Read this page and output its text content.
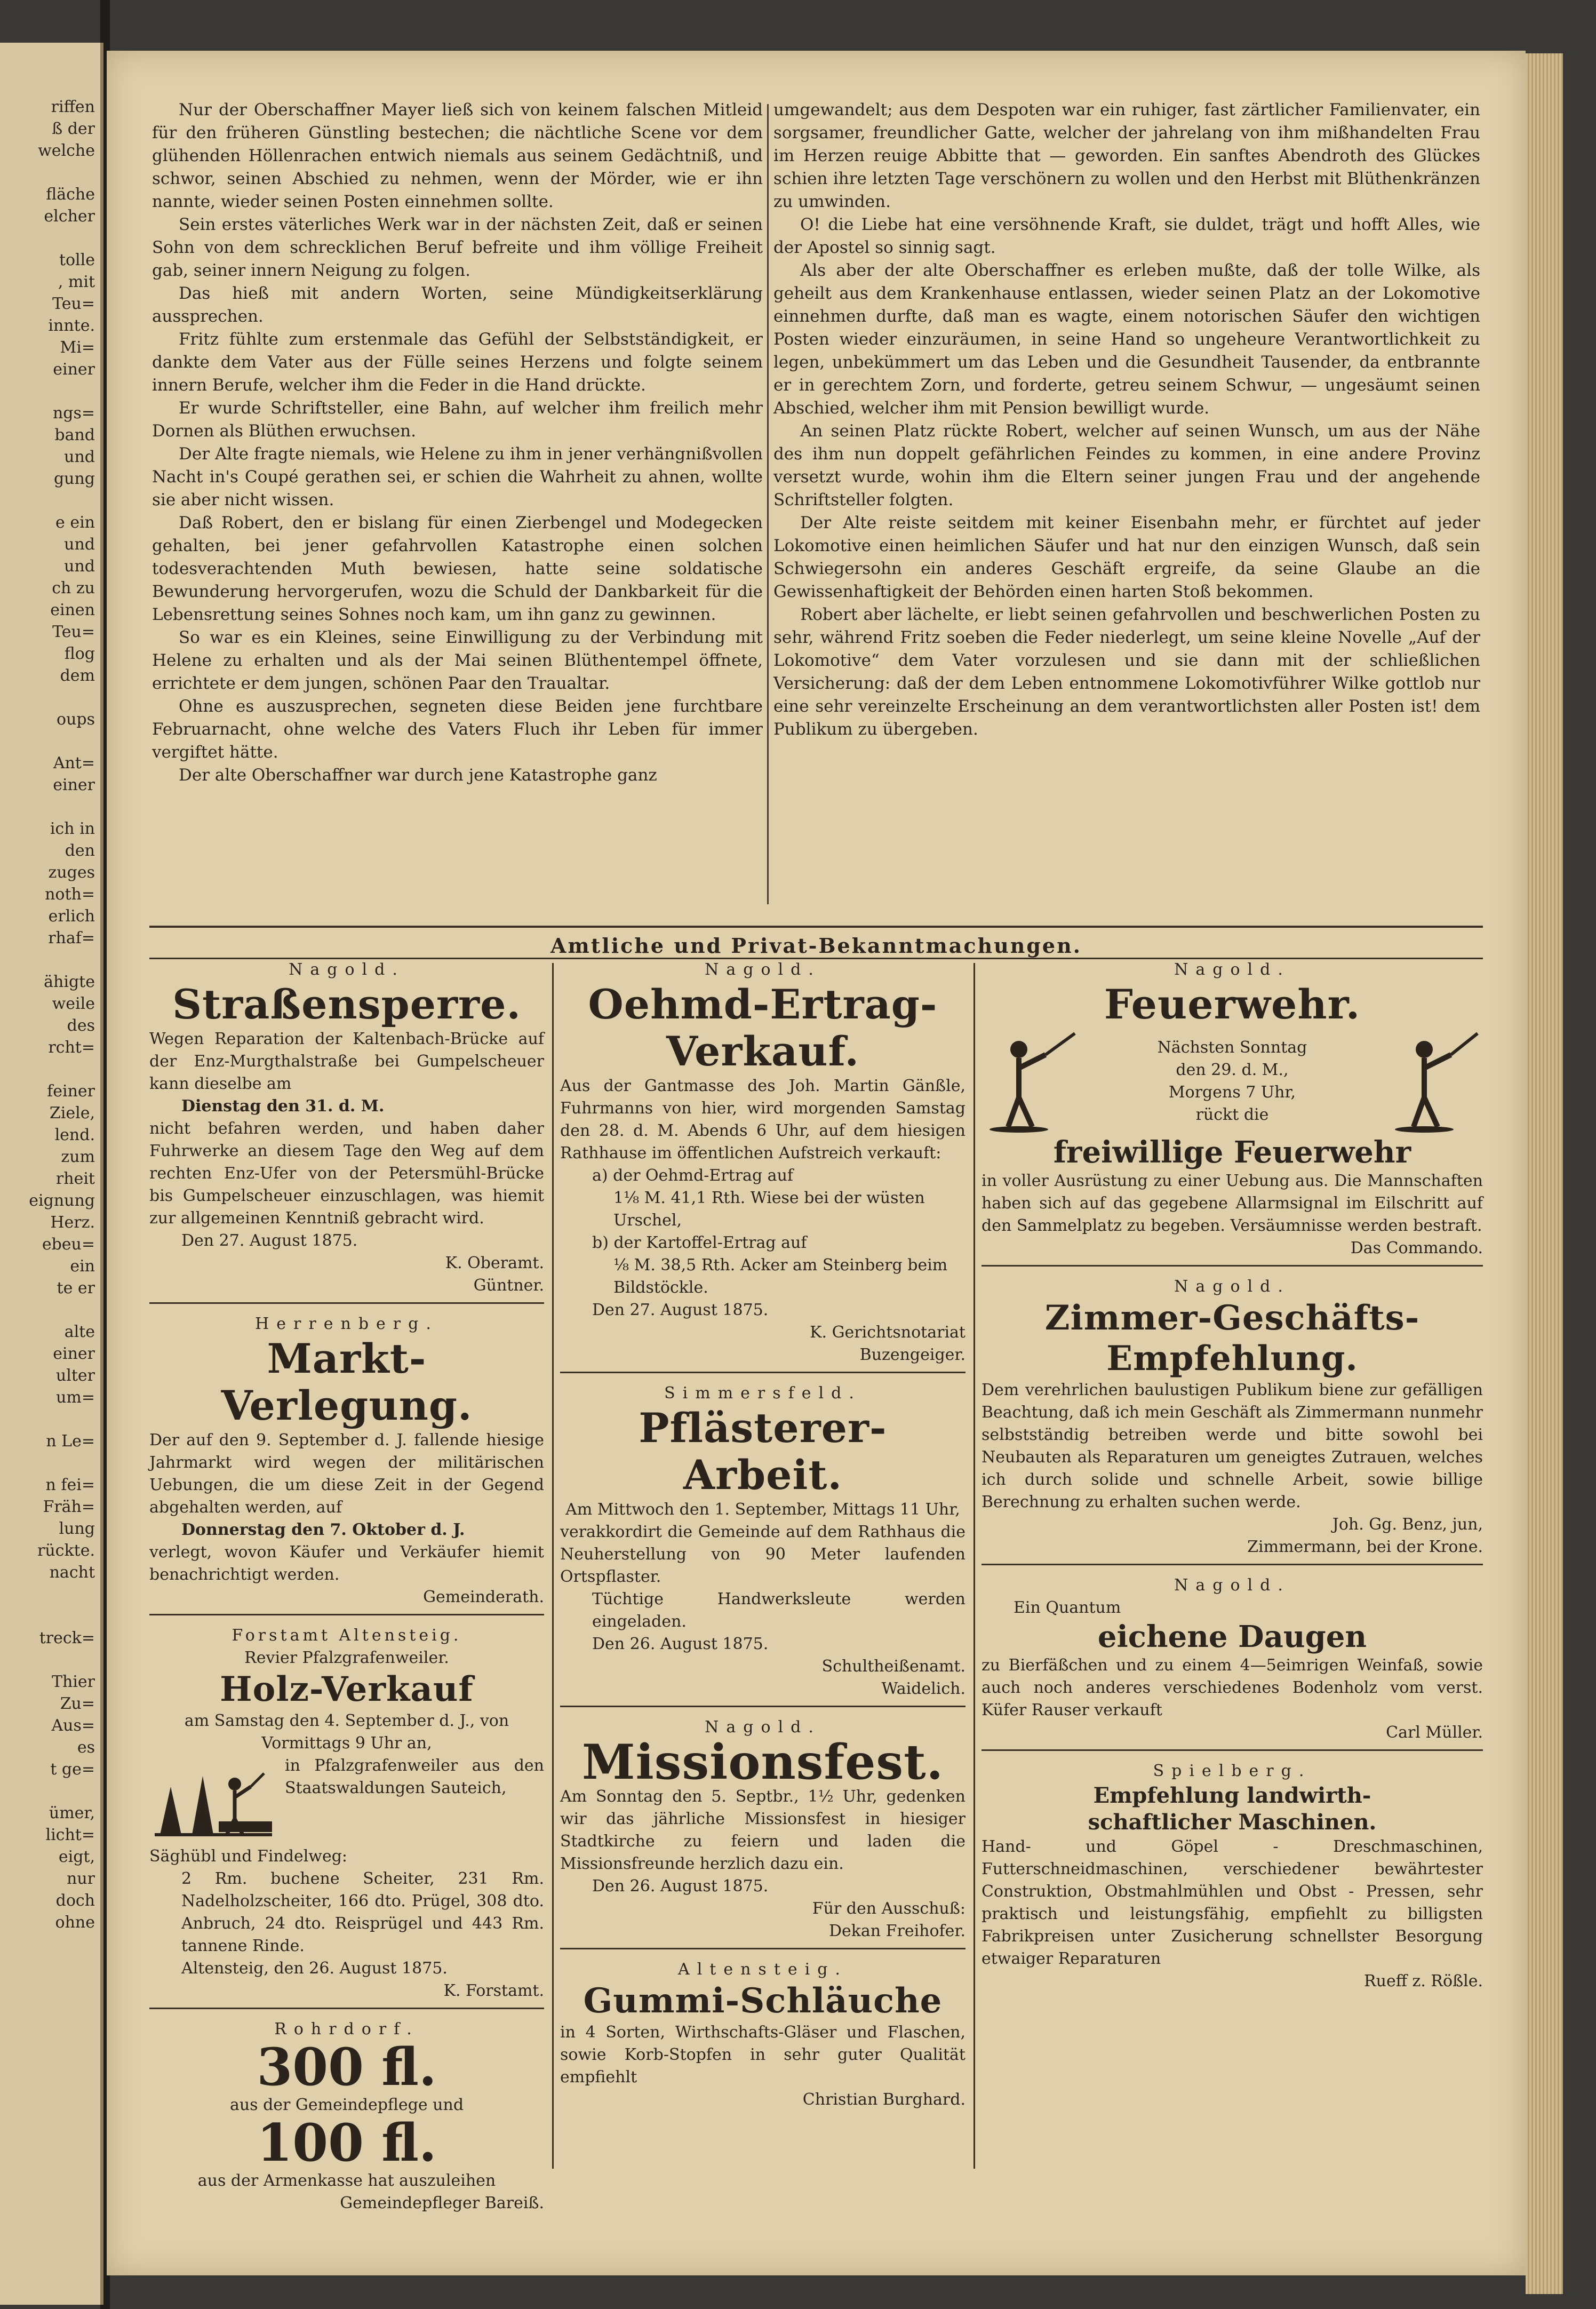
riffen
ß der
welche

fläche
elcher

tolle
, mit
Teu=
innte.
Mi=
einer

ngs=
band
und
gung

e ein
und
und
ch zu
einen
Teu=
flog
dem

oups

Ant=
einer

ich in
den
zuges
noth=
erlich
rhaf=

ähigte
weile
des
rcht=

feiner
Ziele,
lend.
zum
rheit
eignung
Herz.
ebeu=
ein
te er

alte
einer
ulter
um=

n Le=

n fei=
Fräh=
lung
rückte.
nacht

treck=

Thier
Zu=
Aus=
es
t ge=

ümer,
licht=
eigt,
nur
doch
ohne

Nur der Oberschaffner Mayer ließ sich von keinem falschen Mitleid für den früheren Günstling bestechen; die nächtliche Scene vor dem glühenden Höllenrachen entwich niemals aus seinem Gedächtniß, und schwor, seinen Abschied zu nehmen, wenn der Mörder, wie er ihn nannte, wieder seinen Posten einnehmen sollte.

Sein erstes väterliches Werk war in der nächsten Zeit, daß er seinen Sohn von dem schrecklichen Beruf befreite und ihm völlige Freiheit gab, seiner innern Neigung zu folgen.

Das hieß mit andern Worten, seine Mündigkeitserklärung aussprechen.

Fritz fühlte zum erstenmale das Gefühl der Selbstständigkeit, er dankte dem Vater aus der Fülle seines Herzens und folgte seinem innern Berufe, welcher ihm die Feder in die Hand drückte.

Er wurde Schriftsteller, eine Bahn, auf welcher ihm freilich mehr Dornen als Blüthen erwuchsen.

Der Alte fragte niemals, wie Helene zu ihm in jener verhängnißvollen Nacht in's Coupé gerathen sei, er schien die Wahrheit zu ahnen, wollte sie aber nicht wissen.

Daß Robert, den er bislang für einen Zierbengel und Modegecken gehalten, bei jener gefahrvollen Katastrophe einen solchen todesverachtenden Muth bewiesen, hatte seine soldatische Bewunderung hervorgerufen, wozu die Schuld der Dankbarkeit für die Lebensrettung seines Sohnes noch kam, um ihn ganz zu gewinnen.

So war es ein Kleines, seine Einwilligung zu der Verbindung mit Helene zu erhalten und als der Mai seinen Blüthentempel öffnete, errichtete er dem jungen, schönen Paar den Traualtar.

Ohne es auszusprechen, segneten diese Beiden jene furchtbare Februarnacht, ohne welche des Vaters Fluch ihr Leben für immer vergiftet hätte.

Der alte Oberschaffner war durch jene Katastrophe ganz

umgewandelt; aus dem Despoten war ein ruhiger, fast zärtlicher Familienvater, ein sorgsamer, freundlicher Gatte, welcher der jahrelang von ihm mißhandelten Frau im Herzen reuige Abbitte that — geworden. Ein sanftes Abendroth des Glückes schien ihre letzten Tage verschönern zu wollen und den Herbst mit Blüthenkränzen zu umwinden.

O! die Liebe hat eine versöhnende Kraft, sie duldet, trägt und hofft Alles, wie der Apostel so sinnig sagt.

Als aber der alte Oberschaffner es erleben mußte, daß der tolle Wilke, als geheilt aus dem Krankenhause entlassen, wieder seinen Platz an der Lokomotive einnehmen durfte, daß man es wagte, einem notorischen Säufer den wichtigen Posten wieder einzuräumen, in seine Hand so ungeheure Verantwortlichkeit zu legen, unbekümmert um das Leben und die Gesundheit Tausender, da entbrannte er in gerechtem Zorn, und forderte, getreu seinem Schwur, — ungesäumt seinen Abschied, welcher ihm mit Pension bewilligt wurde.

An seinen Platz rückte Robert, welcher auf seinen Wunsch, um aus der Nähe des ihm nun doppelt gefährlichen Feindes zu kommen, in eine andere Provinz versetzt wurde, wohin ihm die Eltern seiner jungen Frau und der angehende Schriftsteller folgten.

Der Alte reiste seitdem mit keiner Eisenbahn mehr, er fürchtet auf jeder Lokomotive einen heimlichen Säufer und hat nur den einzigen Wunsch, daß sein Schwiegersohn ein anderes Geschäft ergreife, da seine Glaube an die Gewissenhaftigkeit der Behörden einen harten Stoß bekommen.

Robert aber lächelte, er liebt seinen gefahrvollen und beschwerlichen Posten zu sehr, während Fritz soeben die Feder niederlegt, um seine kleine Novelle „Auf der Lokomotive“ dem Vater vorzulesen und sie dann mit der schließlichen Versicherung: daß der dem Leben entnommene Lokomotivführer Wilke gottlob nur eine sehr vereinzelte Erscheinung an dem verantwortlichsten aller Posten ist! dem Publikum zu übergeben.

Amtliche und Privat-Bekanntmachungen.
Nagold.
Straßensperre.
Wegen Reparation der Kaltenbach-Brücke auf der Enz-Murgthalstraße bei Gumpelscheuer kann dieselbe am
Dienstag den 31. d. M.
nicht befahren werden, und haben daher Fuhrwerke an diesem Tage den Weg auf dem rechten Enz-Ufer von der Petersmühl-Brücke bis Gumpelscheuer einzuschlagen, was hiemit zur allgemeinen Kenntniß gebracht wird.
Den 27. August 1875.
K. Oberamt.
Güntner.
Herrenberg.
Markt-Verlegung.
Der auf den 9. September d. J. fallende hiesige Jahrmarkt wird wegen der militärischen Uebungen, die um diese Zeit in der Gegend abgehalten werden, auf
Donnerstag den 7. Oktober d. J.
verlegt, wovon Käufer und Verkäufer hiemit benachrichtigt werden.
Gemeinderath.
Forstamt Altensteig.
Revier Pfalzgrafenweiler.
Holz-Verkauf
am Samstag den 4. September d. J., von Vormittags 9 Uhr an,
in Pfalzgrafenweiler aus den Staatswaldungen Sauteich,
Säghübl und Findelweg:
2 Rm. buchene Scheiter, 231 Rm. Nadelholzscheiter, 166 dto. Prügel, 308 dto. Anbruch, 24 dto. Reisprügel und 443 Rm. tannene Rinde.
Altensteig, den 26. August 1875.
K. Forstamt.
Rohrdorf.
300 fl.
aus der Gemeindepflege und
100 fl.
aus der Armenkasse hat auszuleihen
Gemeindepfleger Bareiß.
Nagold.
Oehmd-Ertrag-
Verkauf.
Aus der Gantmasse des Joh. Martin Gänßle, Fuhrmanns von hier, wird morgenden Samstag den 28. d. M. Abends 6 Uhr, auf dem hiesigen Rathhause im öffentlichen Aufstreich verkauft:
a) der Oehmd-Ertrag auf
1⅛ M. 41,1 Rth. Wiese bei der wüsten Urschel,
b) der Kartoffel-Ertrag auf
⅛ M. 38,5 Rth. Acker am Steinberg beim Bildstöckle.
Den 27. August 1875.
K. Gerichtsnotariat
Buzengeiger.
Simmersfeld.
Pflästerer-Arbeit.
Am Mittwoch den 1. September, Mittags 11 Uhr,
verakkordirt die Gemeinde auf dem Rathhaus die Neuherstellung von 90 Meter laufenden Ortspflaster.
Tüchtige Handwerksleute werden eingeladen.
Den 26. August 1875.
Schultheißenamt.
Waidelich.
Nagold.
Missionsfest.
Am Sonntag den 5. Septbr., 1½ Uhr, gedenken wir das jährliche Missionsfest in hiesiger Stadtkirche zu feiern und laden die Missionsfreunde herzlich dazu ein.
Den 26. August 1875.
Für den Ausschuß:
Dekan Freihofer.
Altensteig.
Gummi-Schläuche
in 4 Sorten, Wirthschafts-Gläser und Flaschen, sowie Korb-Stopfen in sehr guter Qualität empfiehlt
Christian Burghard.
Nagold.
Feuerwehr.
Nächsten Sonntag
den 29. d. M.,
Morgens 7 Uhr,
rückt die
freiwillige Feuerwehr
in voller Ausrüstung zu einer Uebung aus. Die Mannschaften haben sich auf das gegebene Allarmsignal im Eilschritt auf den Sammelplatz zu begeben. Versäumnisse werden bestraft.
Das Commando.
Nagold.
Zimmer-Geschäfts-
Empfehlung.
Dem verehrlichen baulustigen Publikum biene zur gefälligen Beachtung, daß ich mein Geschäft als Zimmermann nunmehr selbstständig betreiben werde und bitte sowohl bei Neubauten als Reparaturen um geneigtes Zutrauen, welches ich durch solide und schnelle Arbeit, sowie billige Berechnung zu erhalten suchen werde.
Joh. Gg. Benz, jun,
Zimmermann, bei der Krone.
Nagold.
Ein Quantum
eichene Daugen
zu Bierfäßchen und zu einem 4—5eimrigen Weinfaß, sowie auch noch anderes verschiedenes Bodenholz vom verst. Küfer Rauser verkauft
Carl Müller.
Spielberg.
Empfehlung landwirth-
schaftlicher Maschinen.
Hand- und Göpel - Dreschmaschinen, Futterschneidmaschinen, verschiedener bewährtester Construktion, Obstmahlmühlen und Obst - Pressen, sehr praktisch und leistungsfähig, empfiehlt zu billigsten Fabrikpreisen unter Zusicherung schnellster Besorgung etwaiger Reparaturen
Rueff z. Rößle.
